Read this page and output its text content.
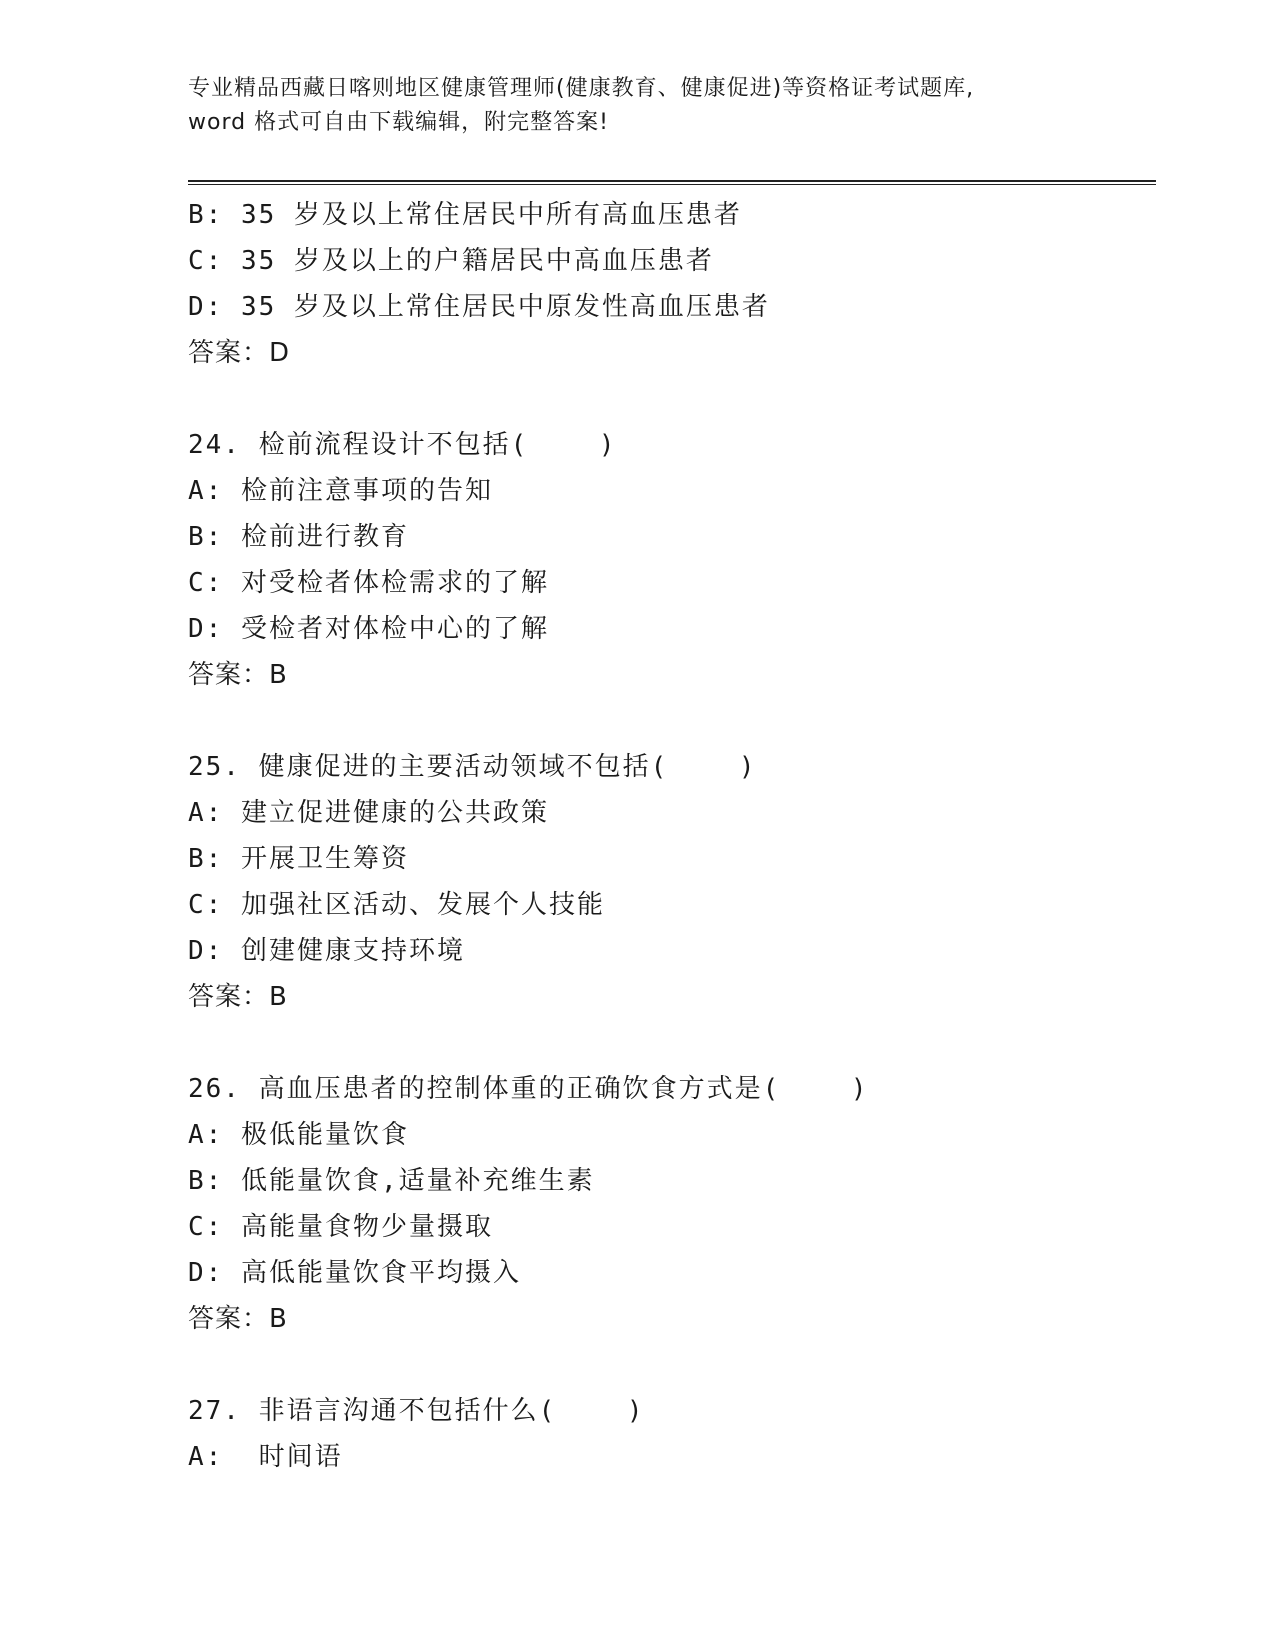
专业精品西藏日喀则地区健康管理师(健康教育、健康促进)等资格证考试题库,
word 格式可自由下载编辑，附完整答案!
B: 35 岁及以上常住居民中所有高血压患者
C: 35 岁及以上的户籍居民中高血压患者
D: 35 岁及以上常住居民中原发性高血压患者
答案：D
24. 检前流程设计不包括(    )
A: 检前注意事项的告知
B: 检前进行教育
C: 对受检者体检需求的了解
D: 受检者对体检中心的了解
答案：B
25. 健康促进的主要活动领域不包括(    )
A: 建立促进健康的公共政策
B: 开展卫生筹资
C: 加强社区活动、发展个人技能
D: 创建健康支持环境
答案：B
26. 高血压患者的控制体重的正确饮食方式是(    )
A: 极低能量饮食
B: 低能量饮食,适量补充维生素
C: 高能量食物少量摄取
D: 高低能量饮食平均摄入
答案：B
27. 非语言沟通不包括什么(    )
A:  时间语
